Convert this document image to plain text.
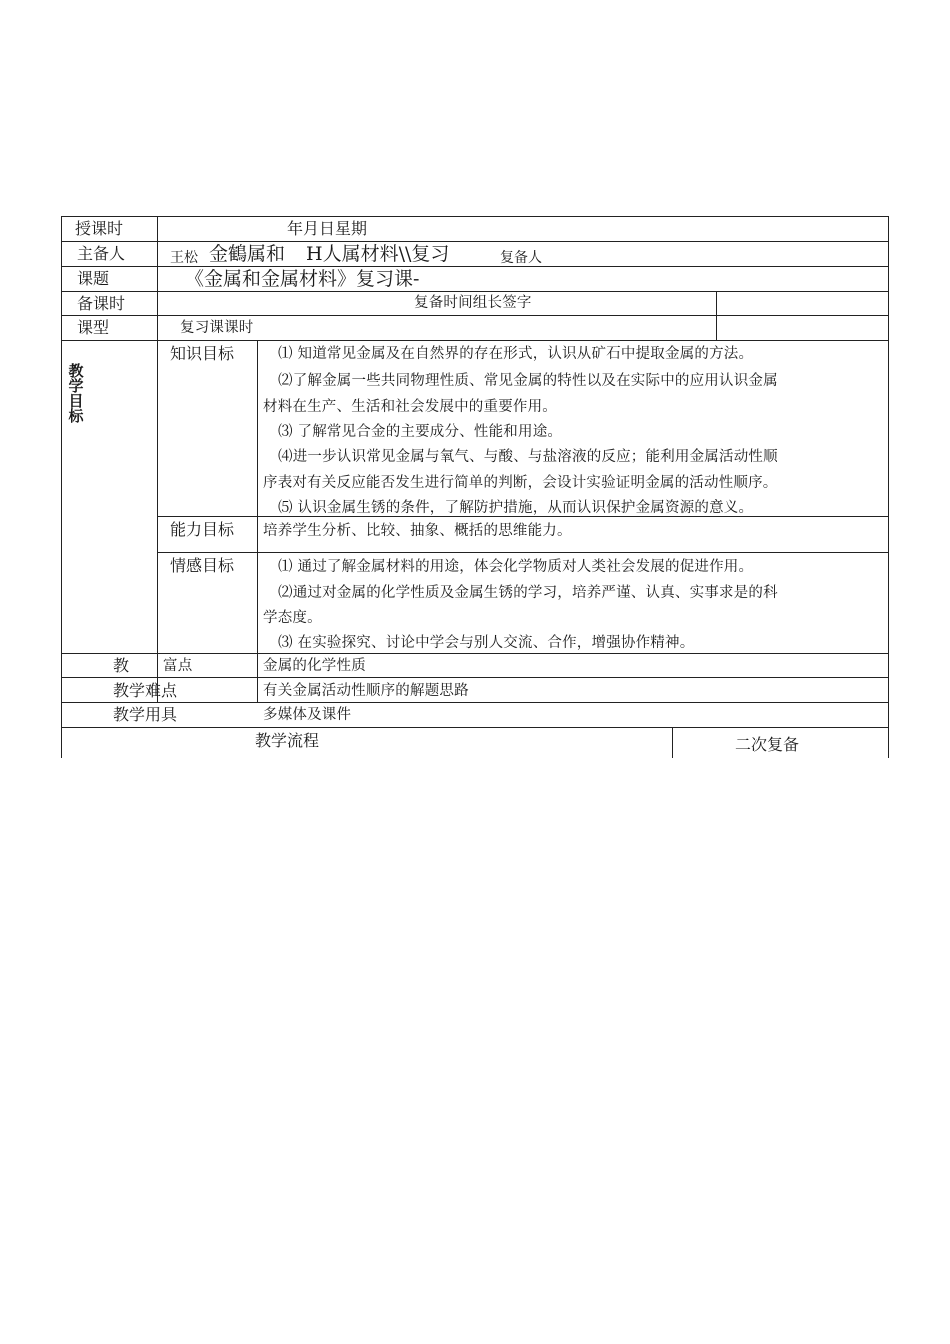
授课时	年月日星期
主备人	王松 金鶴属和 H人属材料\\复习	复备人
课题	《金属和金属材料》复习课-
备课时	复备时间组长签字
课型	复习课课时
教
学
目
标
知识目标	⑴ 知道常见金属及在自然界的存在形式，认识从矿石中提取金属的方法。
⑵了解金属一些共同物理性质、常见金属的特性以及在实际中的应用认识金属
材料在生产、生活和社会发展中的重要作用。
⑶ 了解常见合金的主要成分、性能和用途。
⑷进一步认识常见金属与氧气、与酸、与盐溶液的反应；能利用金属活动性顺
序表对有关反应能否发生进行简单的判断，会设计实验证明金属的活动性顺序。
⑸ 认识金属生锈的条件，了解防护措施，从而认识保护金属资源的意义。
能力目标 培养学生分析、比较、抽象、概括的思维能力。
情感目标	⑴ 通过了解金属材料的用途，体会化学物质对人类社会发展的促进作用。
⑵通过对金属的化学性质及金属生锈的学习，培养严谨、认真、实事求是的科
学态度。
⑶ 在实验探究、讨论中学会与别人交流、合作，增强协作精神。
教 富点	金属的化学性质
教学难点	有关金属活动性顺序的解题思路
教学用具	多媒体及课件
教学流程	二次复备
